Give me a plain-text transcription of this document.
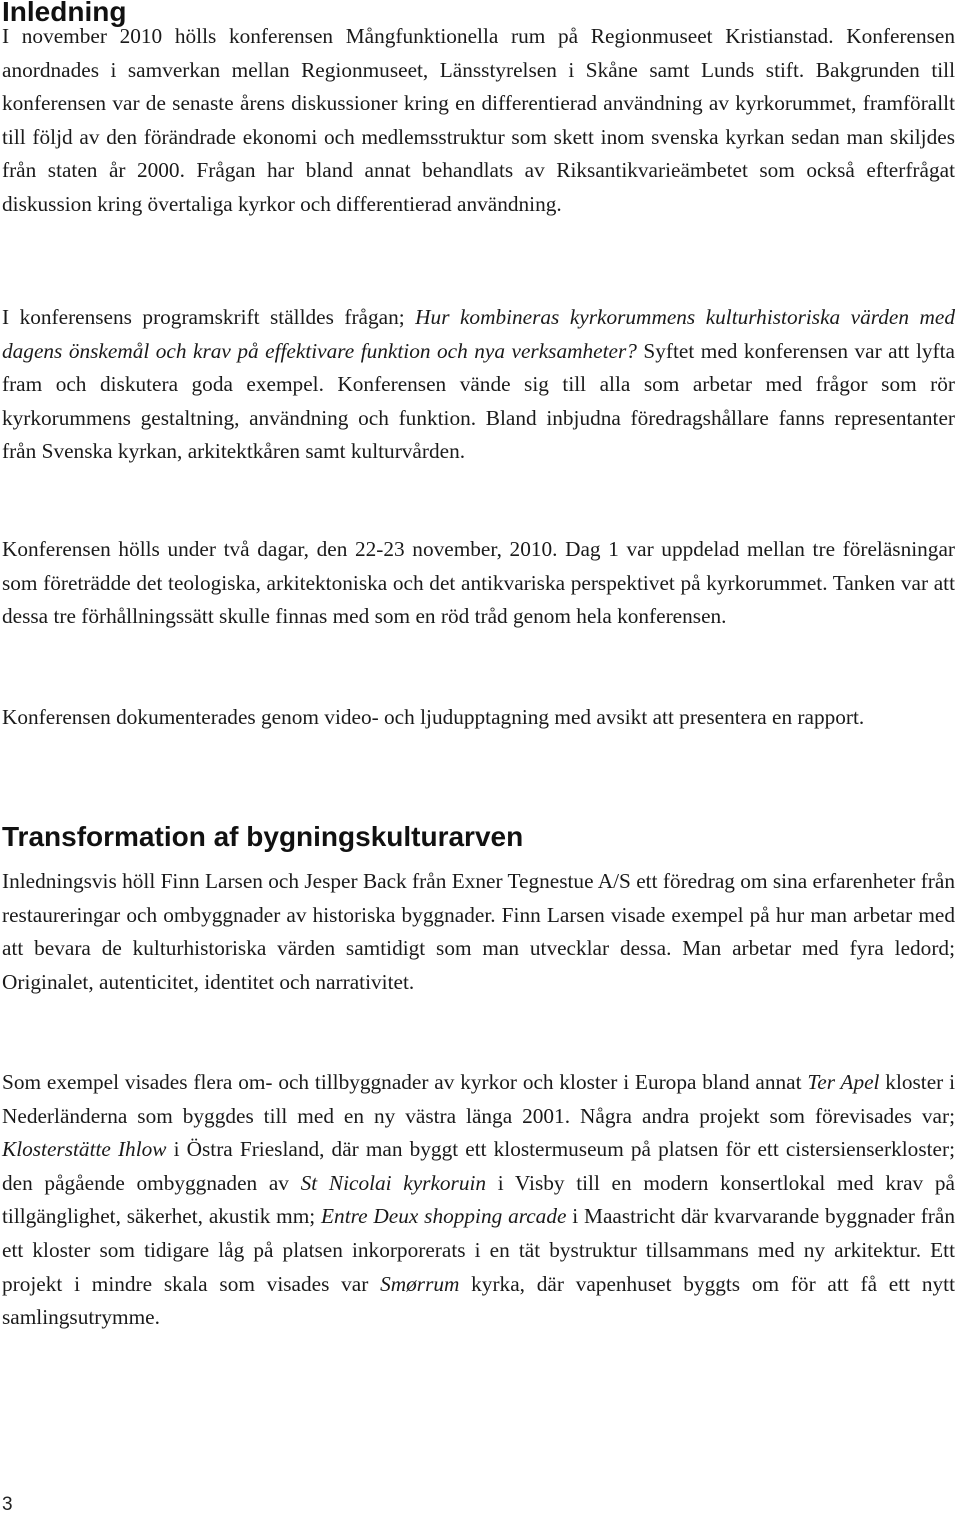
Inledning

I november 2010 hölls konferensen Mångfunktionella rum på Regionmuseet Kristianstad. Konferensen anordnades i samverkan mellan Regionmuseet, Länsstyrelsen i Skåne samt Lunds stift. Bakgrunden till konferensen var de senaste årens diskussioner kring en differentierad användning av kyrkorummet, framförallt till följd av den förändrade ekonomi och medlemsstruktur som skett inom svenska kyrkan sedan man skiljdes från staten år 2000. Frågan har bland annat behandlats av Riksantikvarieämbetet som också efterfrågat diskussion kring övertaliga kyrkor och differentierad användning.

I konferensens programskrift ställdes frågan; Hur kombineras kyrkorummens kulturhistoriska värden med dagens önskemål och krav på effektivare funktion och nya verksamheter? Syftet med konferensen var att lyfta fram och diskutera goda exempel. Konferensen vände sig till alla som arbetar med frågor som rör kyrkorummens gestaltning, användning och funktion. Bland inbjudna föredragshållare fanns representanter från Svenska kyrkan, arkitektkåren samt kulturvården.

Konferensen hölls under två dagar, den 22-23 november, 2010. Dag 1 var uppdelad mellan tre föreläsningar som företrädde det teologiska, arkitektoniska och det antikvariska perspektivet på kyrkorummet. Tanken var att dessa tre förhållningssätt skulle finnas med som en röd tråd genom hela konferensen.

Konferensen dokumenterades genom video- och ljudupptagning med avsikt att presentera en rapport.

Transformation af bygningskulturarven

Inledningsvis höll Finn Larsen och Jesper Back från Exner Tegnestue A/S ett föredrag om sina erfarenheter från restaureringar och ombyggnader av historiska byggnader. Finn Larsen visade exempel på hur man arbetar med att bevara de kulturhistoriska värden samtidigt som man utvecklar dessa. Man arbetar med fyra ledord; Originalet, autenticitet, identitet och narrativitet.

Som exempel visades flera om- och tillbyggnader av kyrkor och kloster i Europa bland annat Ter Apel kloster i Nederländerna som byggdes till med en ny västra länga 2001. Några andra projekt som förevisades var; Klosterstätte Ihlow i Östra Friesland, där man byggt ett klostermuseum på platsen för ett cistersienserkloster; den pågående ombyggnaden av St Nicolai kyrkoruin i Visby till en modern konsertlokal med krav på tillgänglighet, säkerhet, akustik mm; Entre Deux shopping arcade i Maastricht där kvarvarande byggnader från ett kloster som tidigare låg på platsen inkorporerats i en tät bystruktur tillsammans med ny arkitektur. Ett projekt i mindre skala som visades var Smørrum kyrka, där vapenhuset byggts om för att få ett nytt samlingsutrymme.

3
